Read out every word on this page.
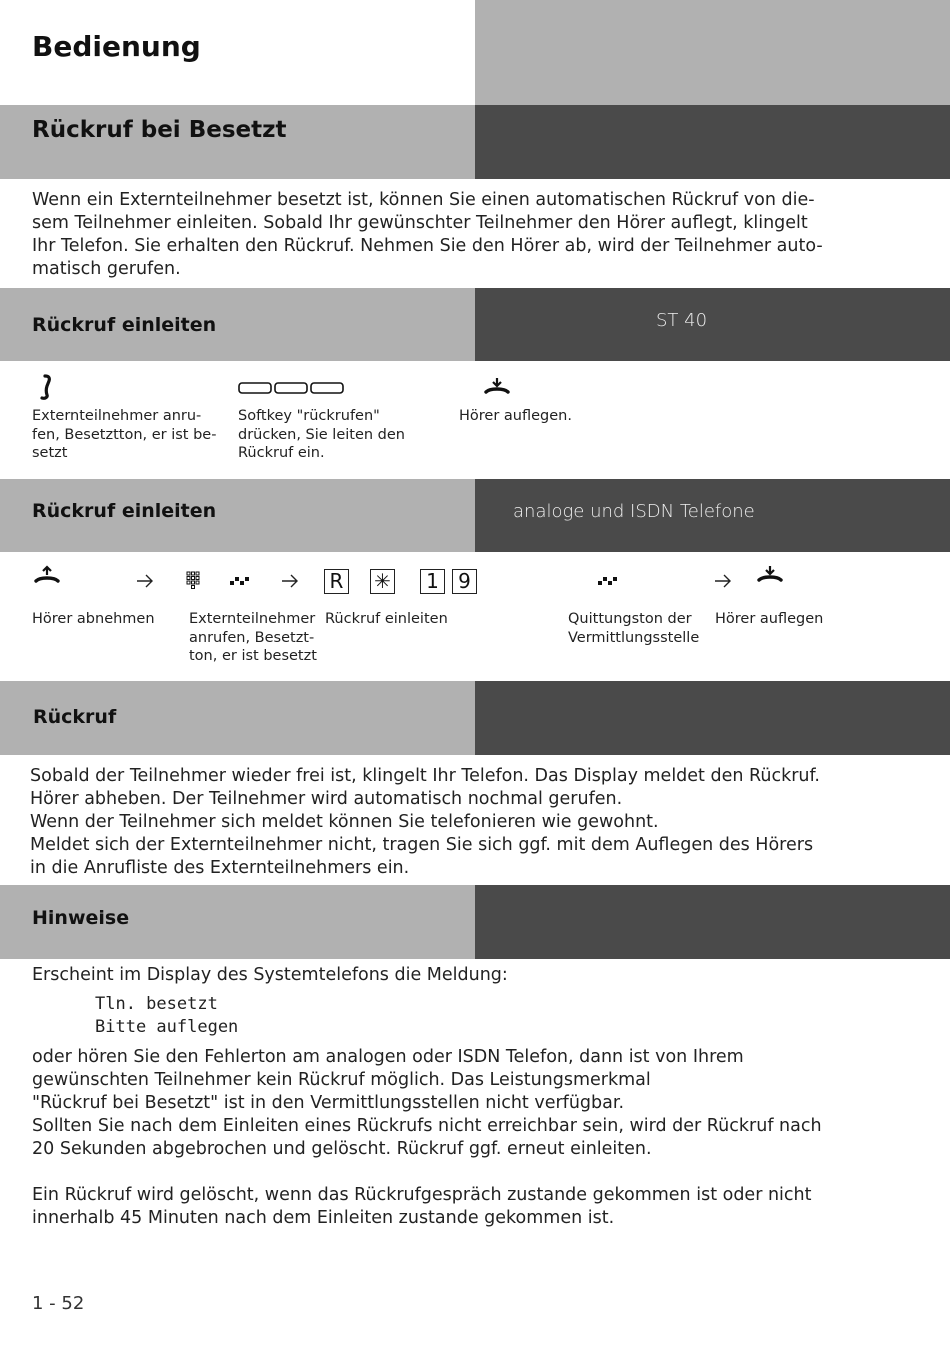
Bedienung
Rückruf bei Besetzt
Wenn ein Externteilnehmer besetzt ist, können Sie einen automatischen Rückruf von die-
sem Teilnehmer einleiten. Sobald Ihr gewünschter Teilnehmer den Hörer auflegt, klingelt
Ihr Telefon. Sie erhalten den Rückruf. Nehmen Sie den Hörer ab, wird der Teilnehmer auto-
matisch gerufen.
Rückruf einleiten	ST 40
Externteilnehmer anru-
fen, Besetztton, er ist be-
setzt
Softkey "rückrufen"
drücken, Sie leiten den
Rückruf ein.
Hörer auflegen.
Rückruf einleiten	analoge und ISDN Telefone
R ✳	1 9
Hörer abnehmen Externteilnehmer
anrufen, Besetzt-
ton, er ist besetzt
Rückruf einleiten	Quittungston der
Vermittlungsstelle
Hörer auflegen
Rückruf
Sobald der Teilnehmer wieder frei ist, klingelt Ihr Telefon. Das Display meldet den Rückruf.
Hörer abheben. Der Teilnehmer wird automatisch nochmal gerufen.
Wenn der Teilnehmer sich meldet können Sie telefonieren wie gewohnt.
Meldet sich der Externteilnehmer nicht, tragen Sie sich ggf. mit dem Auflegen des Hörers
in die Anrufliste des Externteilnehmers ein.
Hinweise
Erscheint im Display des Systemtelefons die Meldung:
Tln. besetzt
Bitte auflegen
oder hören Sie den Fehlerton am analogen oder ISDN Telefon, dann ist von Ihrem
gewünschten Teilnehmer kein Rückruf möglich. Das Leistungsmerkmal
"Rückruf bei Besetzt" ist in den Vermittlungsstellen nicht verfügbar.
Sollten Sie nach dem Einleiten eines Rückrufs nicht erreichbar sein, wird der Rückruf nach
20 Sekunden abgebrochen und gelöscht. Rückruf ggf. erneut einleiten.
Ein Rückruf wird gelöscht, wenn das Rückrufgespräch zustande gekommen ist oder nicht
innerhalb 45 Minuten nach dem Einleiten zustande gekommen ist.
1 - 52
